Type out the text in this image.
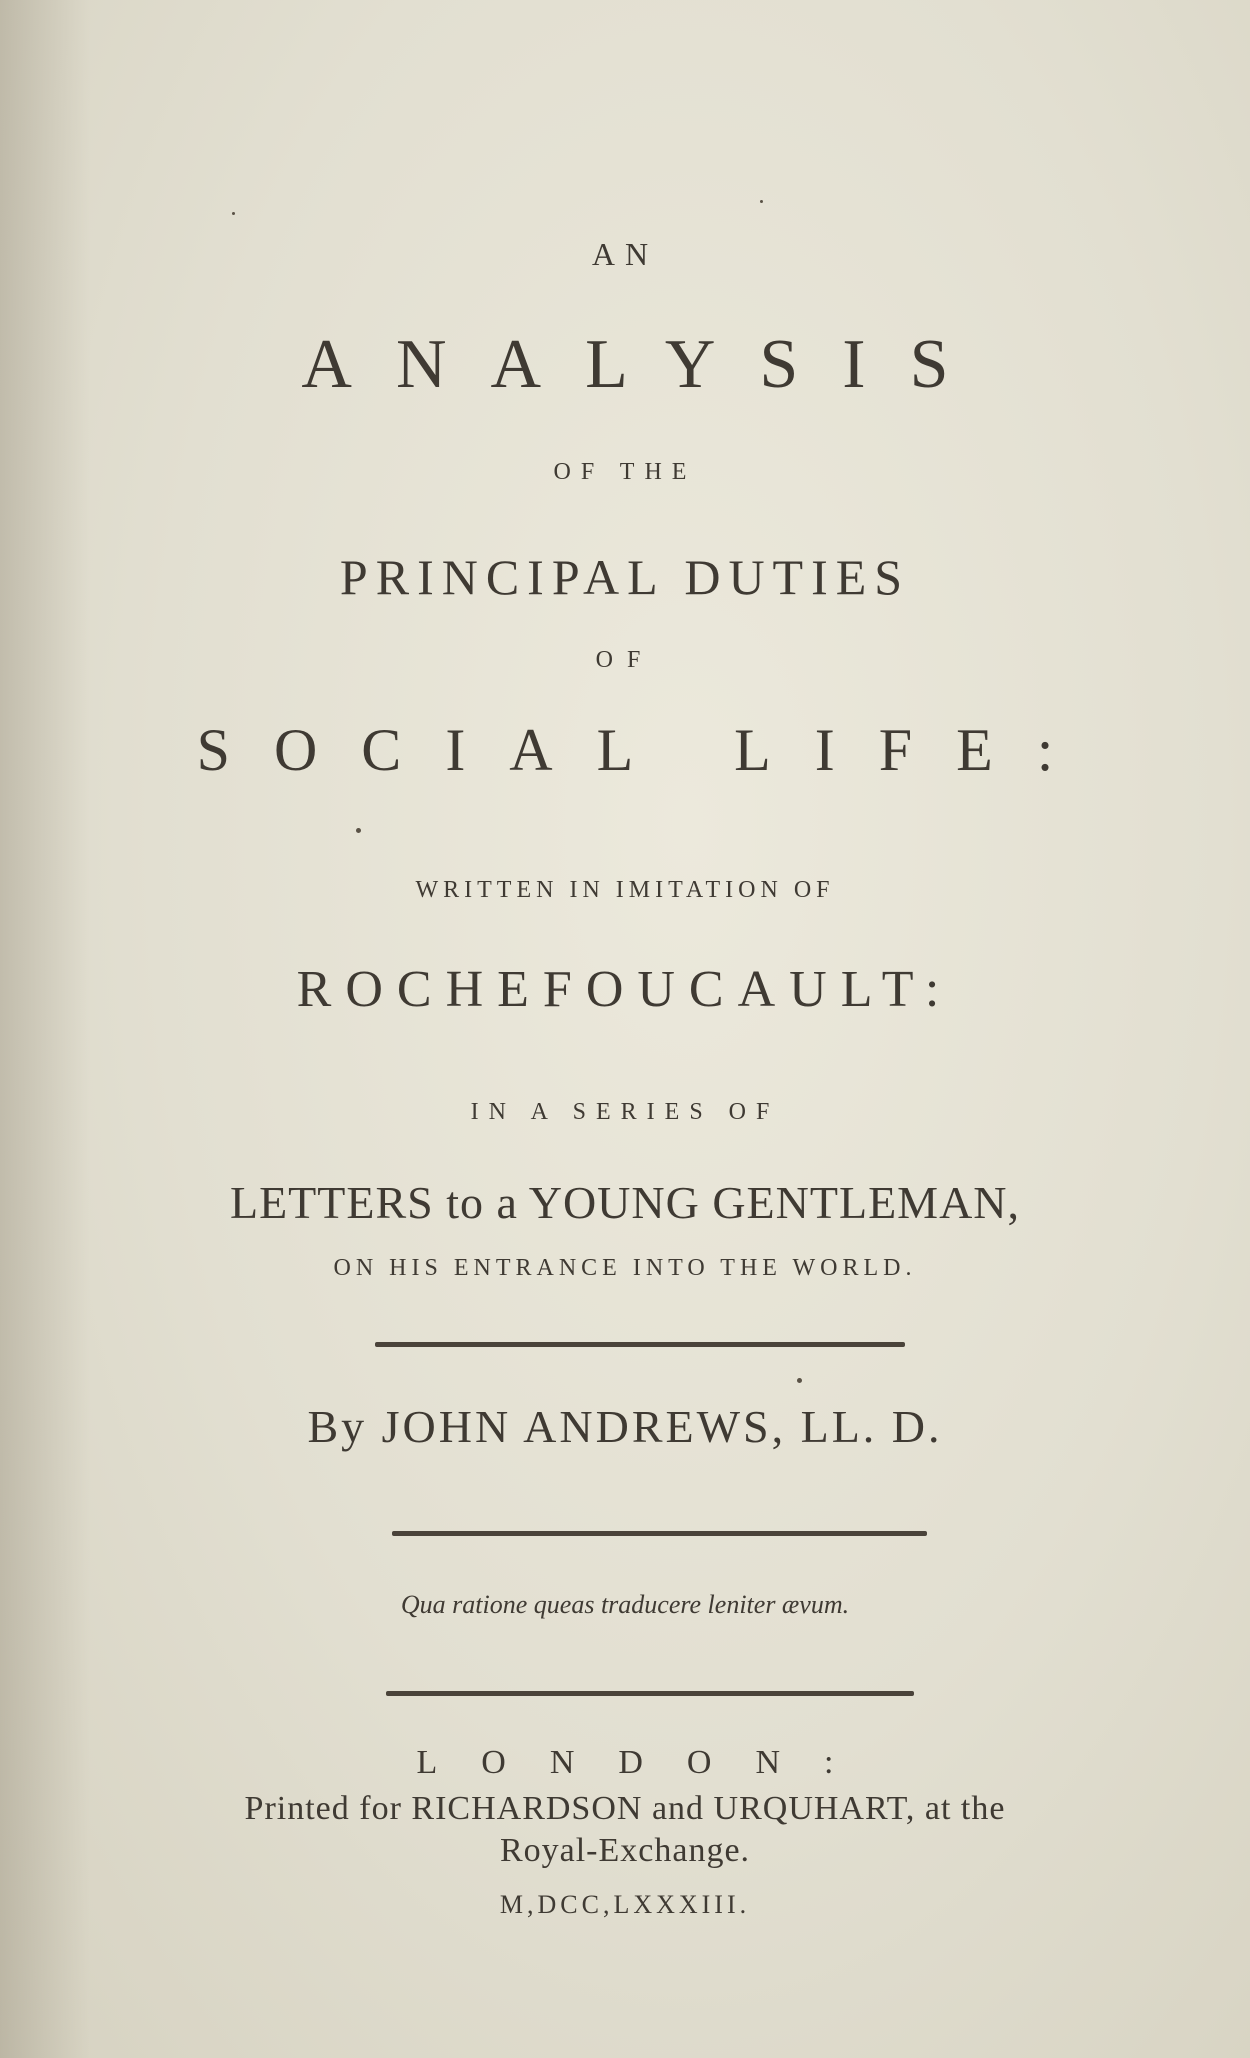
AN
ANALYSIS
OF THE
PRINCIPAL DUTIES
OF
SOCIAL LIFE:
WRITTEN IN IMITATION OF
ROCHEFOUCAULT:
IN A SERIES OF
LETTERS to a YOUNG GENTLEMAN,
ON HIS ENTRANCE INTO THE WORLD.
By JOHN ANDREWS, LL. D.
Qua ratione queas traducere leniter ævum.
LONDON:
Printed for RICHARDSON and URQUHART, at the
Royal-Exchange.
M,DCC,LXXXIII.
